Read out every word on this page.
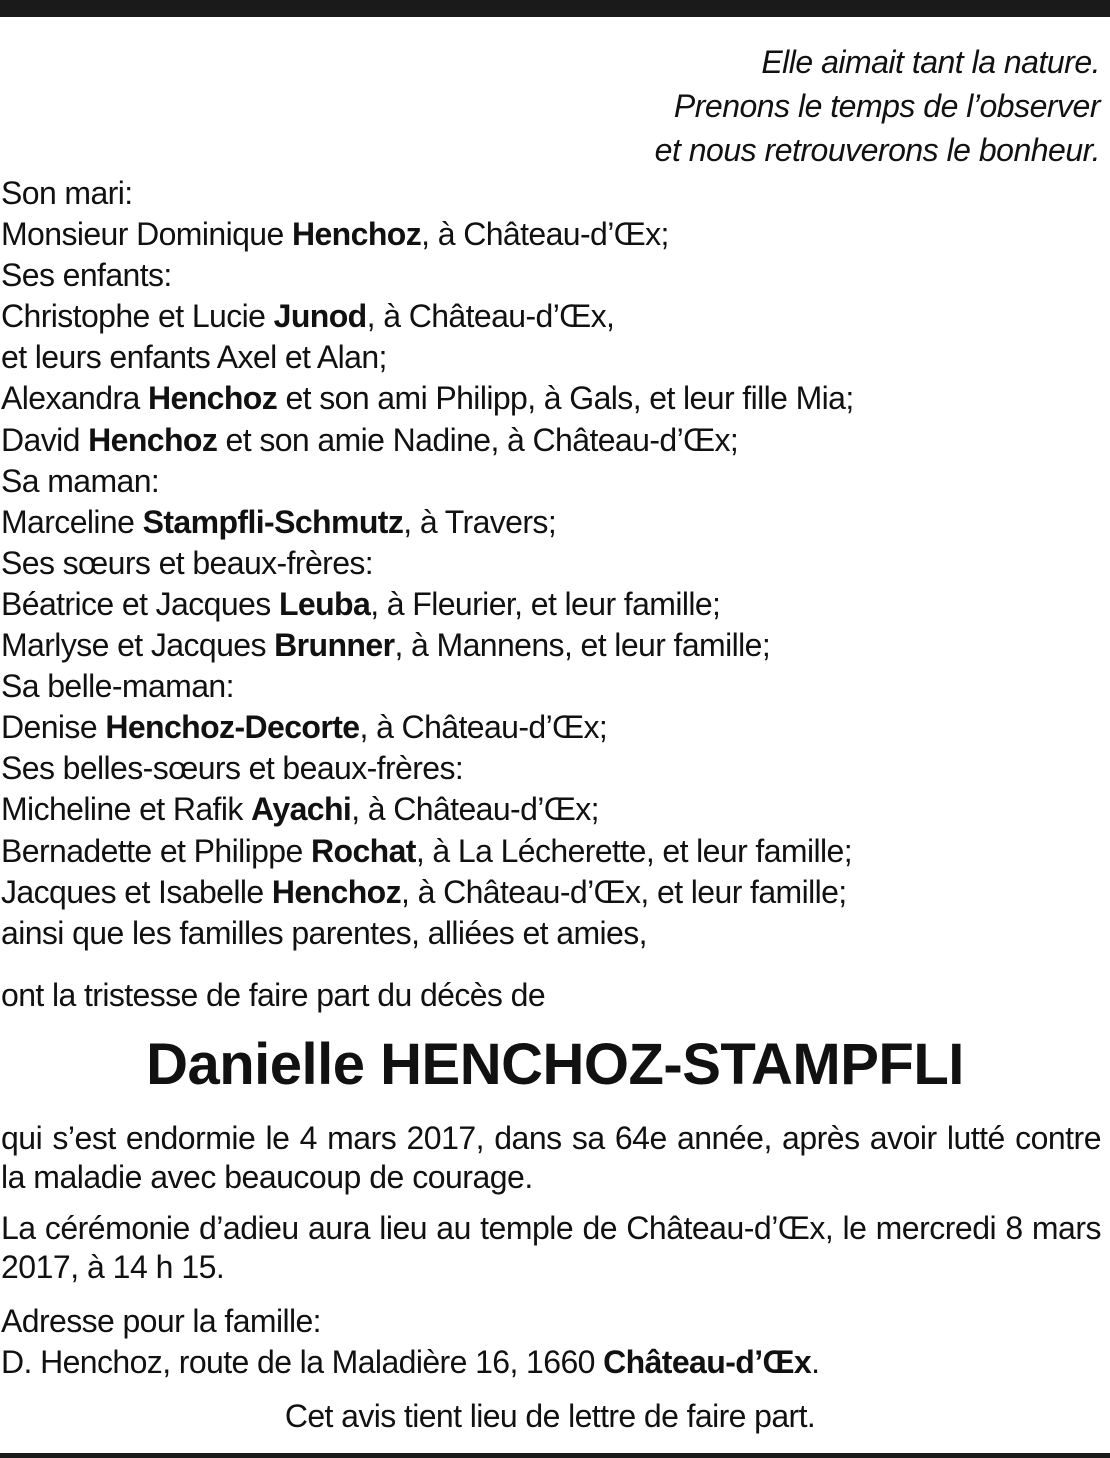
Elle aimait tant la nature.
Prenons le temps de l’observer
et nous retrouverons le bonheur.
Son mari:
Monsieur Dominique Henchoz, à Château-d’Œx;
Ses enfants:
Christophe et Lucie Junod, à Château-d’Œx,
et leurs enfants Axel et Alan;
Alexandra Henchoz et son ami Philipp, à Gals, et leur fille Mia;
David Henchoz et son amie Nadine, à Château-d’Œx;
Sa maman:
Marceline Stampfli-Schmutz, à Travers;
Ses sœurs et beaux-frères:
Béatrice et Jacques Leuba, à Fleurier, et leur famille;
Marlyse et Jacques Brunner, à Mannens, et leur famille;
Sa belle-maman:
Denise Henchoz-Decorte, à Château-d’Œx;
Ses belles-sœurs et beaux-frères:
Micheline et Rafik Ayachi, à Château-d’Œx;
Bernadette et Philippe Rochat, à La Lécherette, et leur famille;
Jacques et Isabelle Henchoz, à Château-d’Œx, et leur famille;
ainsi que les familles parentes, alliées et amies,
ont la tristesse de faire part du décès de
Danielle HENCHOZ-STAMPFLI
qui s’est endormie le 4 mars 2017, dans sa 64e année, après avoir lutté contre la maladie avec beaucoup de courage.
La cérémonie d’adieu aura lieu au temple de Château-d’Œx, le mercredi 8 mars 2017, à 14 h 15.
Adresse pour la famille:
D. Henchoz, route de la Maladière 16, 1660 Château-d’Œx.
Cet avis tient lieu de lettre de faire part.
